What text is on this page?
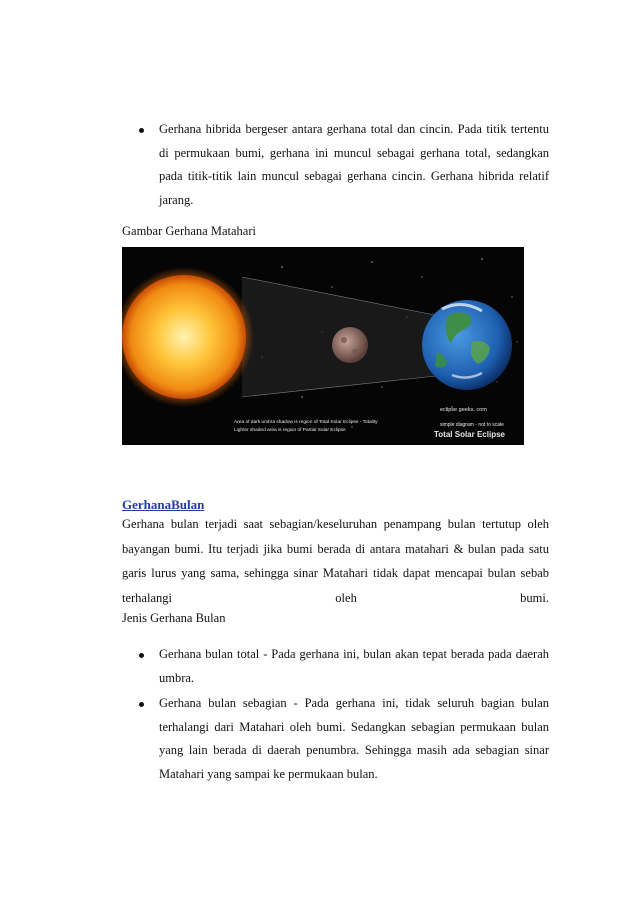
Gerhana hibrida bergeser antara gerhana total dan cincin. Pada titik tertentu di permukaan bumi, gerhana ini muncul sebagai gerhana total, sedangkan pada titik-titik lain muncul sebagai gerhana cincin. Gerhana hibrida relatif jarang.

Gambar Gerhana Matahari

eclipse geeks. com
Area of dark umbra shadow is region of Total Solar Eclipse - Totality
Lighter shaded area is region of Partial Solar Eclipse
simple diagram - not to scale
Total Solar Eclipse

GerhanaBulan

Gerhana bulan terjadi saat sebagian/keseluruhan penampang bulan tertutup oleh bayangan bumi. Itu terjadi jika bumi berada di antara matahari & bulan pada satu garis lurus yang sama, sehingga sinar Matahari tidak dapat mencapai bulan sebab terhalangi oleh bumi.

Jenis Gerhana Bulan

Gerhana bulan total - Pada gerhana ini, bulan akan tepat berada pada daerah umbra.
Gerhana bulan sebagian - Pada gerhana ini, tidak seluruh bagian bulan terhalangi dari Matahari oleh bumi. Sedangkan sebagian permukaan bulan yang lain berada di daerah penumbra. Sehingga masih ada sebagian sinar Matahari yang sampai ke permukaan bulan.
